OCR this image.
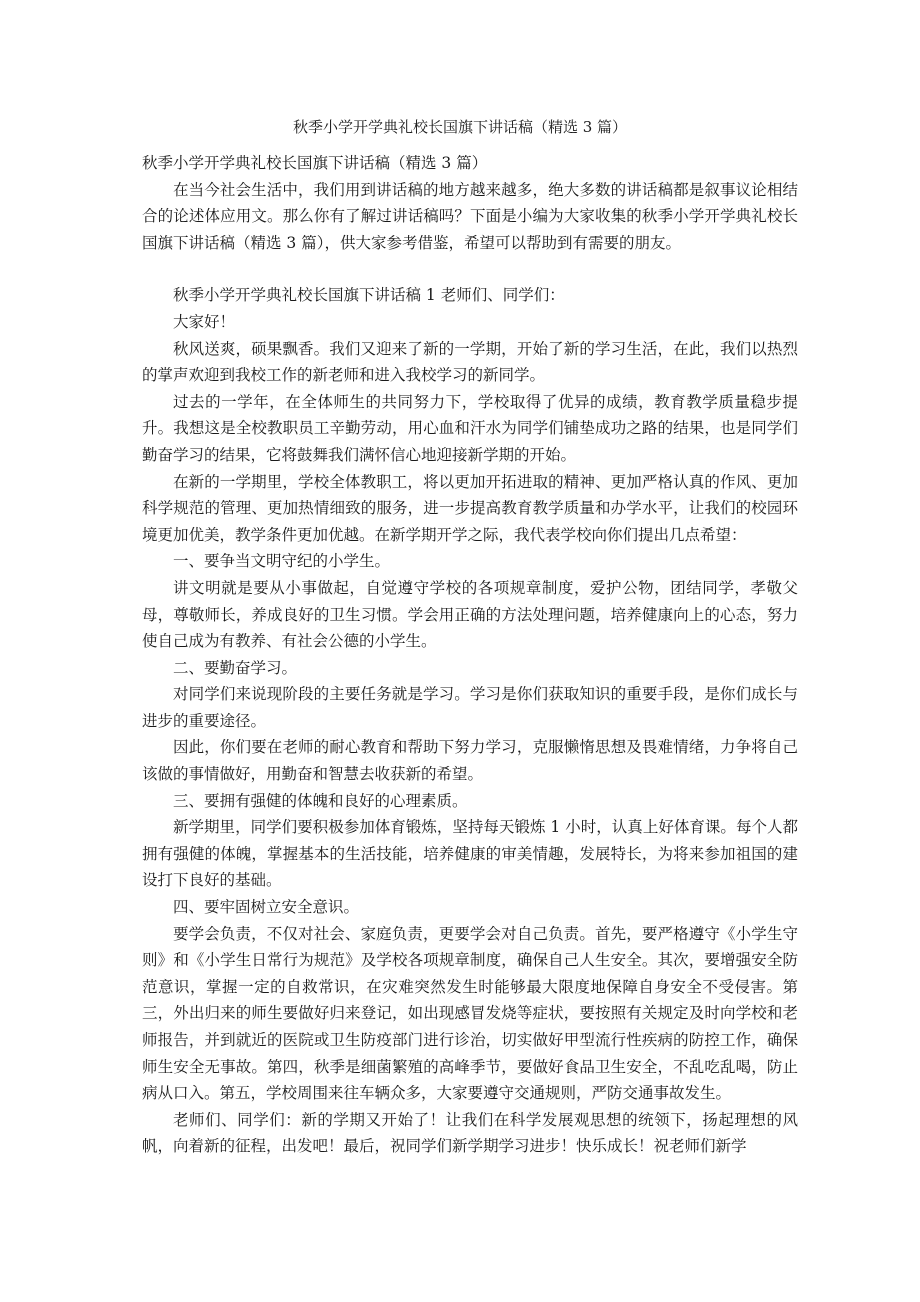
秋季小学开学典礼校长国旗下讲话稿（精选 3 篇）

秋季小学开学典礼校长国旗下讲话稿（精选 3 篇）

在当今社会生活中，我们用到讲话稿的地方越来越多，绝大多数的讲话稿都是叙事议论相结合的论述体应用文。那么你有了解过讲话稿吗？下面是小编为大家收集的秋季小学开学典礼校长国旗下讲话稿（精选 3 篇），供大家参考借鉴，希望可以帮助到有需要的朋友。

秋季小学开学典礼校长国旗下讲话稿 1 老师们、同学们：

大家好！

秋风送爽，硕果飘香。我们又迎来了新的一学期，开始了新的学习生活，在此，我们以热烈的掌声欢迎到我校工作的新老师和进入我校学习的新同学。

过去的一学年，在全体师生的共同努力下，学校取得了优异的成绩，教育教学质量稳步提升。我想这是全校教职员工辛勤劳动，用心血和汗水为同学们铺垫成功之路的结果，也是同学们勤奋学习的结果，它将鼓舞我们满怀信心地迎接新学期的开始。

在新的一学期里，学校全体教职工，将以更加开拓进取的精神、更加严格认真的作风、更加科学规范的管理、更加热情细致的服务，进一步提高教育教学质量和办学水平，让我们的校园环境更加优美，教学条件更加优越。在新学期开学之际，我代表学校向你们提出几点希望：

一、要争当文明守纪的小学生。

讲文明就是要从小事做起，自觉遵守学校的各项规章制度，爱护公物，团结同学，孝敬父母，尊敬师长，养成良好的卫生习惯。学会用正确的方法处理问题，培养健康向上的心态，努力使自己成为有教养、有社会公德的小学生。

二、要勤奋学习。

对同学们来说现阶段的主要任务就是学习。学习是你们获取知识的重要手段，是你们成长与进步的重要途径。

因此，你们要在老师的耐心教育和帮助下努力学习，克服懒惰思想及畏难情绪，力争将自己该做的事情做好，用勤奋和智慧去收获新的希望。

三、要拥有强健的体魄和良好的心理素质。

新学期里，同学们要积极参加体育锻炼，坚持每天锻炼 1 小时，认真上好体育课。每个人都拥有强健的体魄，掌握基本的生活技能，培养健康的审美情趣，发展特长，为将来参加祖国的建设打下良好的基础。

四、要牢固树立安全意识。

要学会负责，不仅对社会、家庭负责，更要学会对自己负责。首先，要严格遵守《小学生守则》和《小学生日常行为规范》及学校各项规章制度，确保自己人生安全。其次，要增强安全防范意识，掌握一定的自救常识，在灾难突然发生时能够最大限度地保障自身安全不受侵害。第三，外出归来的师生要做好归来登记，如出现感冒发烧等症状，要按照有关规定及时向学校和老师报告，并到就近的医院或卫生防疫部门进行诊治，切实做好甲型流行性疾病的防控工作，确保师生安全无事故。第四，秋季是细菌繁殖的高峰季节，要做好食品卫生安全，不乱吃乱喝，防止病从口入。第五，学校周围来往车辆众多，大家要遵守交通规则，严防交通事故发生。

老师们、同学们：新的学期又开始了！让我们在科学发展观思想的统领下，扬起理想的风帆，向着新的征程，出发吧！最后，祝同学们新学期学习进步！快乐成长！祝老师们新学
